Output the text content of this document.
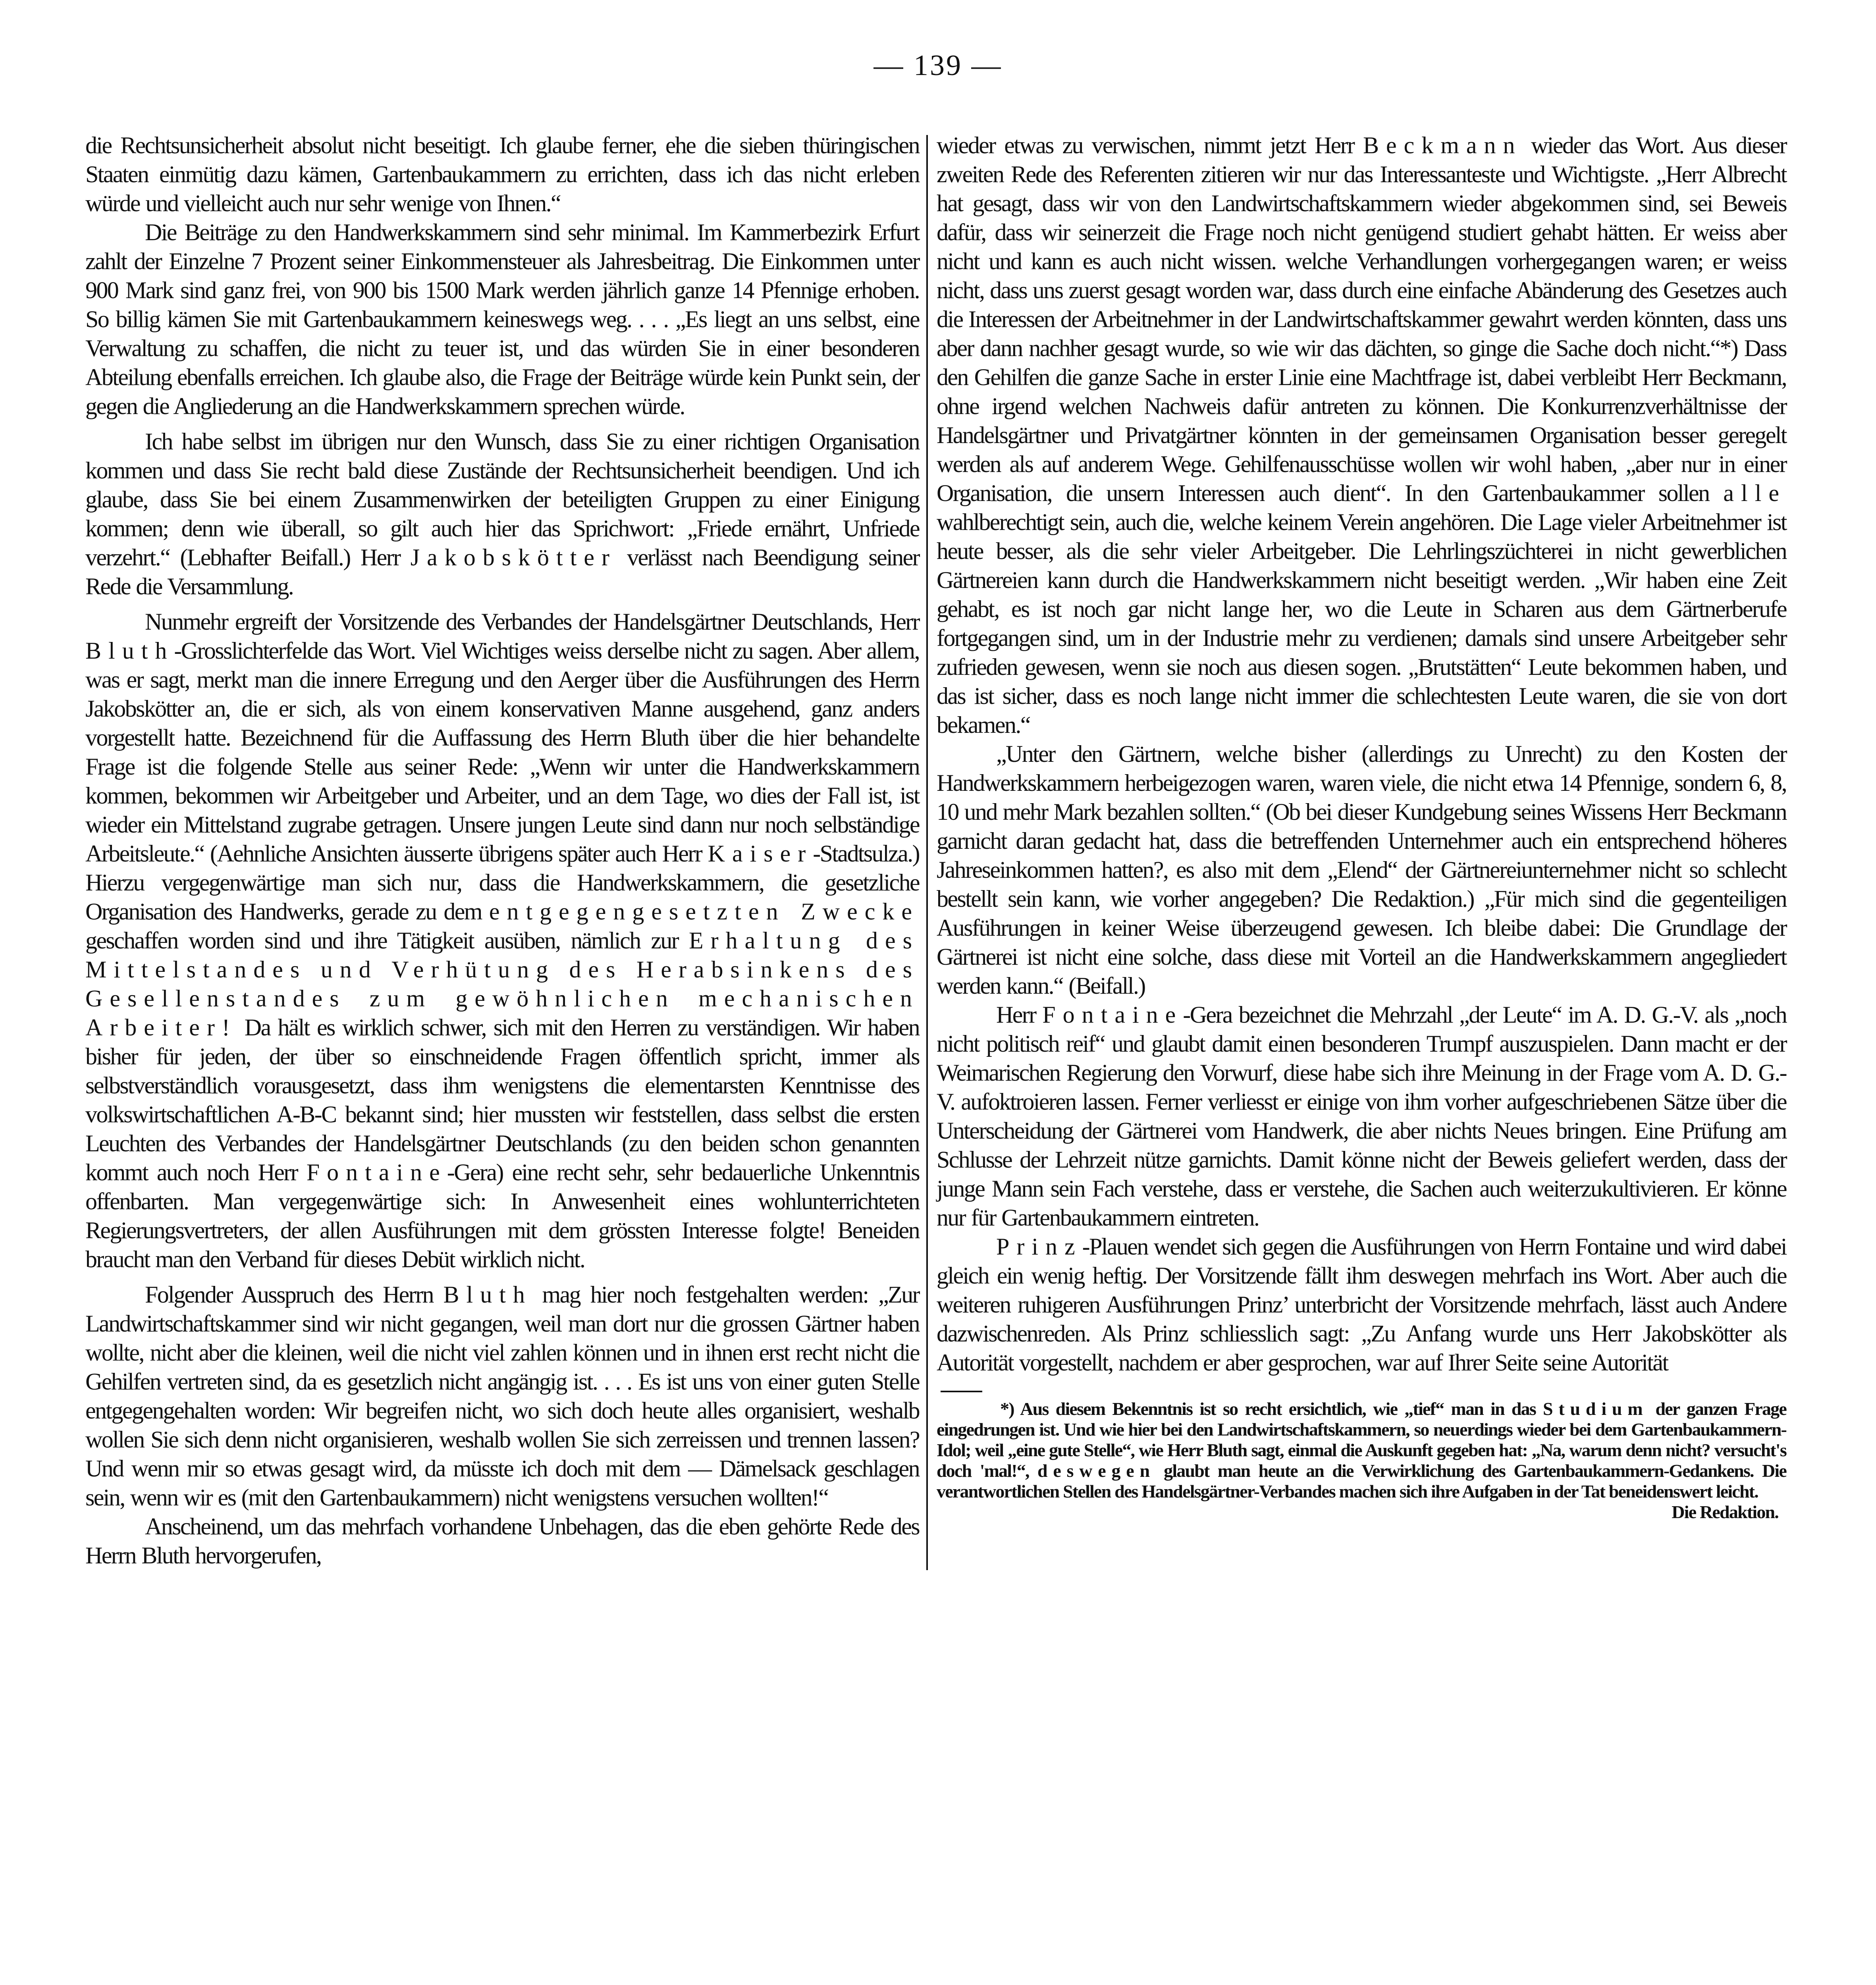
— 139 —

die Rechtsunsicherheit absolut nicht beseitigt. Ich glaube ferner, ehe die sieben thüringischen Staaten einmütig dazu kämen, Gartenbaukammern zu errichten, dass ich das nicht erleben würde und vielleicht auch nur sehr wenige von Ihnen.“

Die Beiträge zu den Handwerkskammern sind sehr minimal. Im Kammerbezirk Erfurt zahlt der Einzelne 7 Prozent seiner Einkommensteuer als Jahresbeitrag. Die Einkommen unter 900 Mark sind ganz frei, von 900 bis 1500 Mark werden jährlich ganze 14 Pfennige erhoben. So billig kämen Sie mit Gartenbaukammern keineswegs weg. . . . „Es liegt an uns selbst, eine Verwaltung zu schaffen, die nicht zu teuer ist, und das würden Sie in einer besonderen Abteilung ebenfalls erreichen. Ich glaube also, die Frage der Beiträge würde kein Punkt sein, der gegen die Angliederung an die Handwerkskammern sprechen würde.

Ich habe selbst im übrigen nur den Wunsch, dass Sie zu einer richtigen Organisation kommen und dass Sie recht bald diese Zustände der Rechtsunsicherheit beendigen. Und ich glaube, dass Sie bei einem Zusammenwirken der beteiligten Gruppen zu einer Einigung kommen; denn wie überall, so gilt auch hier das Sprichwort: „Friede ernährt, Unfriede verzehrt.“ (Lebhafter Beifall.) Herr Jakobskötter verlässt nach Beendigung seiner Rede die Versammlung.

Nunmehr ergreift der Vorsitzende des Verbandes der Handelsgärtner Deutschlands, Herr Bluth-Grosslichterfelde das Wort. Viel Wichtiges weiss derselbe nicht zu sagen. Aber allem, was er sagt, merkt man die innere Erregung und den Aerger über die Ausführungen des Herrn Jakobskötter an, die er sich, als von einem konservativen Manne ausgehend, ganz anders vorgestellt hatte. Bezeichnend für die Auffassung des Herrn Bluth über die hier behandelte Frage ist die folgende Stelle aus seiner Rede: „Wenn wir unter die Handwerkskammern kommen, bekommen wir Arbeitgeber und Arbeiter, und an dem Tage, wo dies der Fall ist, ist wieder ein Mittelstand zugrabe getragen. Unsere jungen Leute sind dann nur noch selbständige Arbeitsleute.“ (Aehnliche Ansichten äusserte übrigens später auch Herr Kaiser-Stadtsulza.) Hierzu vergegenwärtige man sich nur, dass die Handwerkskammern, die gesetzliche Organisation des Handwerks, gerade zu dem entgegengesetzten Zwecke geschaffen worden sind und ihre Tätigkeit ausüben, nämlich zur Erhaltung des Mittelstandes und Verhütung des Herabsinkens des Gesellenstandes zum gewöhnlichen mechanischen Arbeiter! Da hält es wirklich schwer, sich mit den Herren zu verständigen. Wir haben bisher für jeden, der über so einschneidende Fragen öffentlich spricht, immer als selbstverständlich vorausgesetzt, dass ihm wenigstens die elementarsten Kenntnisse des volkswirtschaftlichen A-B-C bekannt sind; hier mussten wir feststellen, dass selbst die ersten Leuchten des Verbandes der Handelsgärtner Deutschlands (zu den beiden schon genannten kommt auch noch Herr Fontaine-Gera) eine recht sehr, sehr bedauerliche Unkenntnis offenbarten. Man vergegenwärtige sich: In Anwesenheit eines wohlunterrichteten Regierungsvertreters, der allen Ausführungen mit dem grössten Interesse folgte! Beneiden braucht man den Verband für dieses Debüt wirklich nicht.

Folgender Ausspruch des Herrn Bluth mag hier noch festgehalten werden: „Zur Landwirtschaftskammer sind wir nicht gegangen, weil man dort nur die grossen Gärtner haben wollte, nicht aber die kleinen, weil die nicht viel zahlen können und in ihnen erst recht nicht die Gehilfen vertreten sind, da es gesetzlich nicht angängig ist. . . . Es ist uns von einer guten Stelle entgegengehalten worden: Wir begreifen nicht, wo sich doch heute alles organisiert, weshalb wollen Sie sich denn nicht organisieren, weshalb wollen Sie sich zerreissen und trennen lassen? Und wenn mir so etwas gesagt wird, da müsste ich doch mit dem — Dämelsack geschlagen sein, wenn wir es (mit den Gartenbaukammern) nicht wenigstens versuchen wollten!“

Anscheinend, um das mehrfach vorhandene Unbehagen, das die eben gehörte Rede des Herrn Bluth hervorgerufen,

wieder etwas zu verwischen, nimmt jetzt Herr Beckmann wieder das Wort. Aus dieser zweiten Rede des Referenten zitieren wir nur das Interessanteste und Wichtigste. „Herr Albrecht hat gesagt, dass wir von den Landwirtschaftskammern wieder abgekommen sind, sei Beweis dafür, dass wir seinerzeit die Frage noch nicht genügend studiert gehabt hätten. Er weiss aber nicht und kann es auch nicht wissen. welche Verhandlungen vorhergegangen waren; er weiss nicht, dass uns zuerst gesagt worden war, dass durch eine einfache Abänderung des Gesetzes auch die Interessen der Arbeitnehmer in der Landwirtschaftskammer gewahrt werden könnten, dass uns aber dann nachher gesagt wurde, so wie wir das dächten, so ginge die Sache doch nicht.“*) Dass den Gehilfen die ganze Sache in erster Linie eine Machtfrage ist, dabei verbleibt Herr Beckmann, ohne irgend welchen Nachweis dafür antreten zu können. Die Konkurrenzverhältnisse der Handelsgärtner und Privatgärtner könnten in der gemeinsamen Organisation besser geregelt werden als auf anderem Wege. Gehilfenausschüsse wollen wir wohl haben, „aber nur in einer Organisation, die unsern Interessen auch dient“. In den Gartenbaukammer sollen alle wahlberechtigt sein, auch die, welche keinem Verein angehören. Die Lage vieler Arbeitnehmer ist heute besser, als die sehr vieler Arbeitgeber. Die Lehrlingszüchterei in nicht gewerblichen Gärtnereien kann durch die Handwerkskammern nicht beseitigt werden. „Wir haben eine Zeit gehabt, es ist noch gar nicht lange her, wo die Leute in Scharen aus dem Gärtnerberufe fortgegangen sind, um in der Industrie mehr zu verdienen; damals sind unsere Arbeitgeber sehr zufrieden gewesen, wenn sie noch aus diesen sogen. „Brutstätten“ Leute bekommen haben, und das ist sicher, dass es noch lange nicht immer die schlechtesten Leute waren, die sie von dort bekamen.“

„Unter den Gärtnern, welche bisher (allerdings zu Unrecht) zu den Kosten der Handwerkskammern herbeigezogen waren, waren viele, die nicht etwa 14 Pfennige, sondern 6, 8, 10 und mehr Mark bezahlen sollten.“ (Ob bei dieser Kundgebung seines Wissens Herr Beckmann garnicht daran gedacht hat, dass die betreffenden Unternehmer auch ein entsprechend höheres Jahreseinkommen hatten?, es also mit dem „Elend“ der Gärtnereiunternehmer nicht so schlecht bestellt sein kann, wie vorher angegeben? Die Redaktion.) „Für mich sind die gegenteiligen Ausführungen in keiner Weise überzeugend gewesen. Ich bleibe dabei: Die Grundlage der Gärtnerei ist nicht eine solche, dass diese mit Vorteil an die Handwerkskammern angegliedert werden kann.“ (Beifall.)

Herr Fontaine-Gera bezeichnet die Mehrzahl „der Leute“ im A. D. G.-V. als „noch nicht politisch reif“ und glaubt damit einen besonderen Trumpf auszuspielen. Dann macht er der Weimarischen Regierung den Vorwurf, diese habe sich ihre Meinung in der Frage vom A. D. G.-V. aufoktroieren lassen. Ferner verliesst er einige von ihm vorher aufgeschriebenen Sätze über die Unterscheidung der Gärtnerei vom Handwerk, die aber nichts Neues bringen. Eine Prüfung am Schlusse der Lehrzeit nütze garnichts. Damit könne nicht der Beweis geliefert werden, dass der junge Mann sein Fach verstehe, dass er verstehe, die Sachen auch weiterzukultivieren. Er könne nur für Gartenbaukammern eintreten.

Prinz-Plauen wendet sich gegen die Ausführungen von Herrn Fontaine und wird dabei gleich ein wenig heftig. Der Vorsitzende fällt ihm deswegen mehrfach ins Wort. Aber auch die weiteren ruhigeren Ausführungen Prinz’ unterbricht der Vorsitzende mehrfach, lässt auch Andere dazwischenreden. Als Prinz schliesslich sagt: „Zu Anfang wurde uns Herr Jakobskötter als Autorität vorgestellt, nachdem er aber gesprochen, war auf Ihrer Seite seine Autorität

*) Aus diesem Bekenntnis ist so recht ersichtlich, wie „tief“ man in das Studium der ganzen Frage eingedrungen ist. Und wie hier bei den Landwirtschaftskammern, so neuerdings wieder bei dem Gartenbaukammern-Idol; weil „eine gute Stelle“, wie Herr Bluth sagt, einmal die Auskunft gegeben hat: „Na, warum denn nicht? versucht's doch 'mal!“, deswegen glaubt man heute an die Verwirklichung des Gartenbaukammern-Gedankens. Die verantwortlichen Stellen des Handelsgärtner-Verbandes machen sich ihre Aufgaben in der Tat beneidenswert leicht.

Die Redaktion.
